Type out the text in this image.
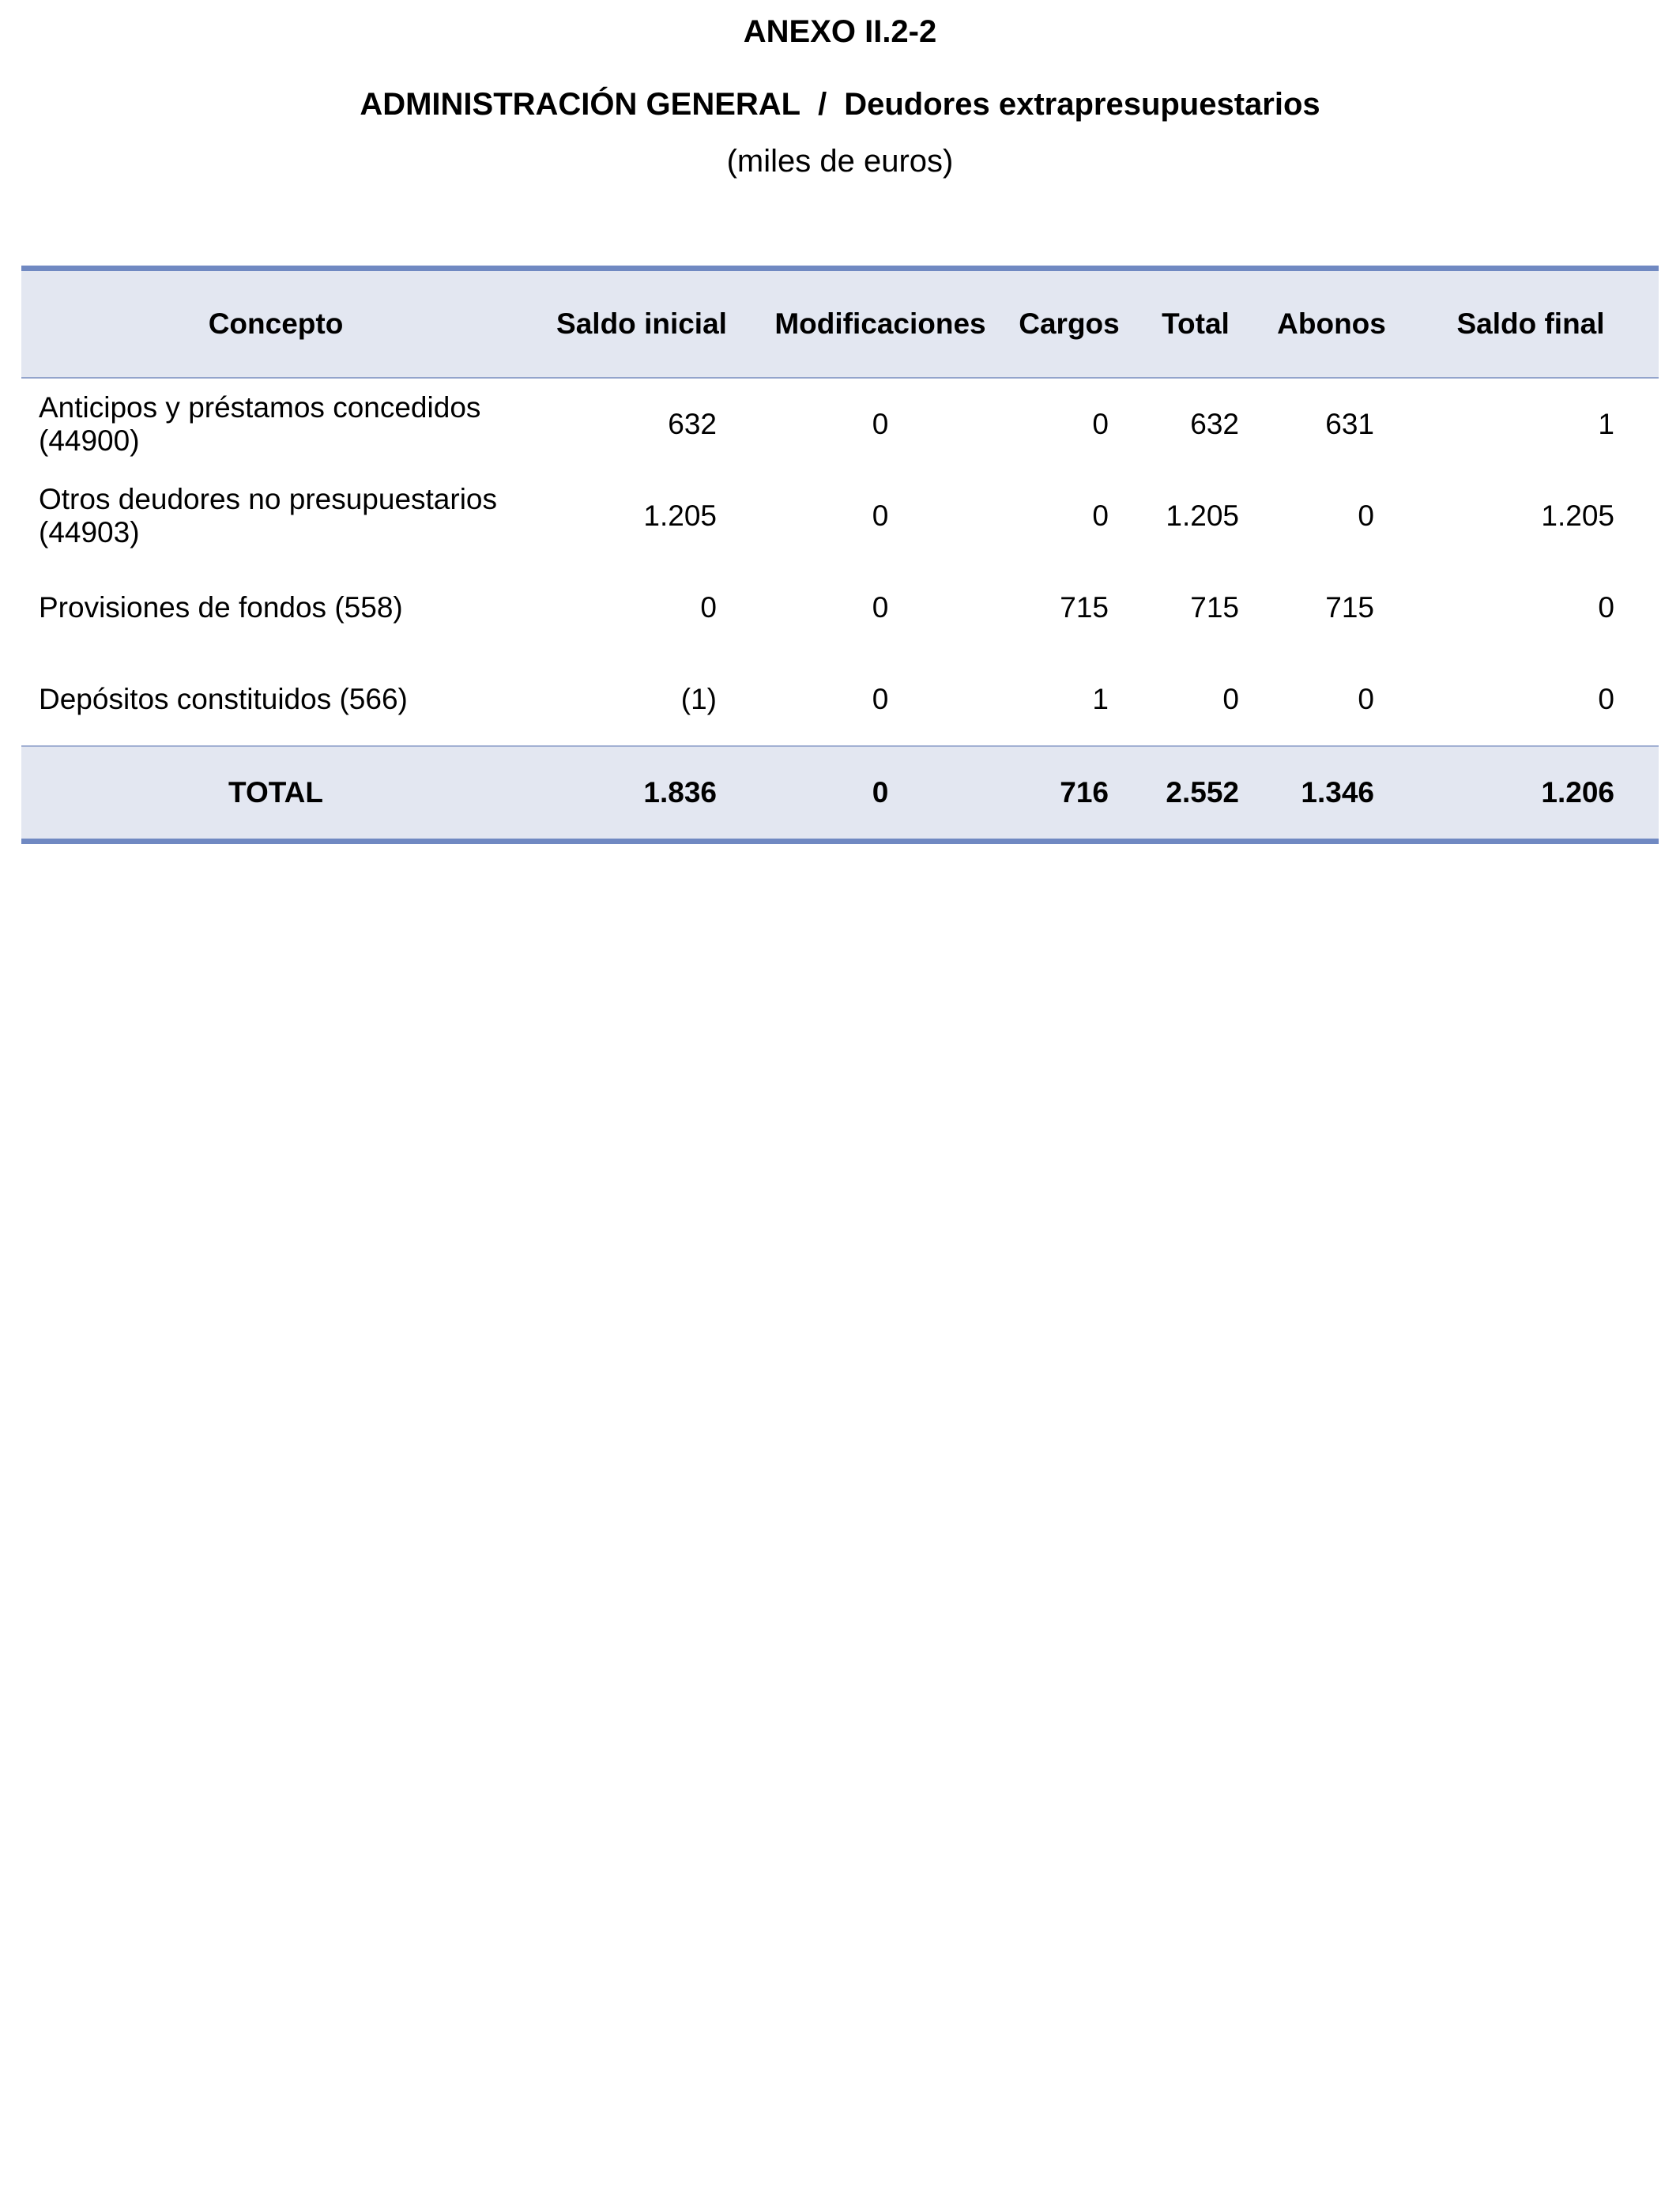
ANEXO II.2-2
ADMINISTRACIÓN GENERAL / Deudores extrapresupuestarios
(miles de euros)
Concepto	Saldo inicial	Modificaciones	Cargos	Total	Abonos	Saldo final

Anticipos y préstamos concedidos
(44900)	632	0	0	632	631	1

Otros deudores no presupuestarios
(44903)	1.205	0	0	1.205	0	1.205

Provisiones de fondos (558)	0	0	715	715	715	0

Depósitos constituidos (566)	(1)	0	1	0	0	0
TOTAL	1.836	0	716	2.552	1.346	1.206
